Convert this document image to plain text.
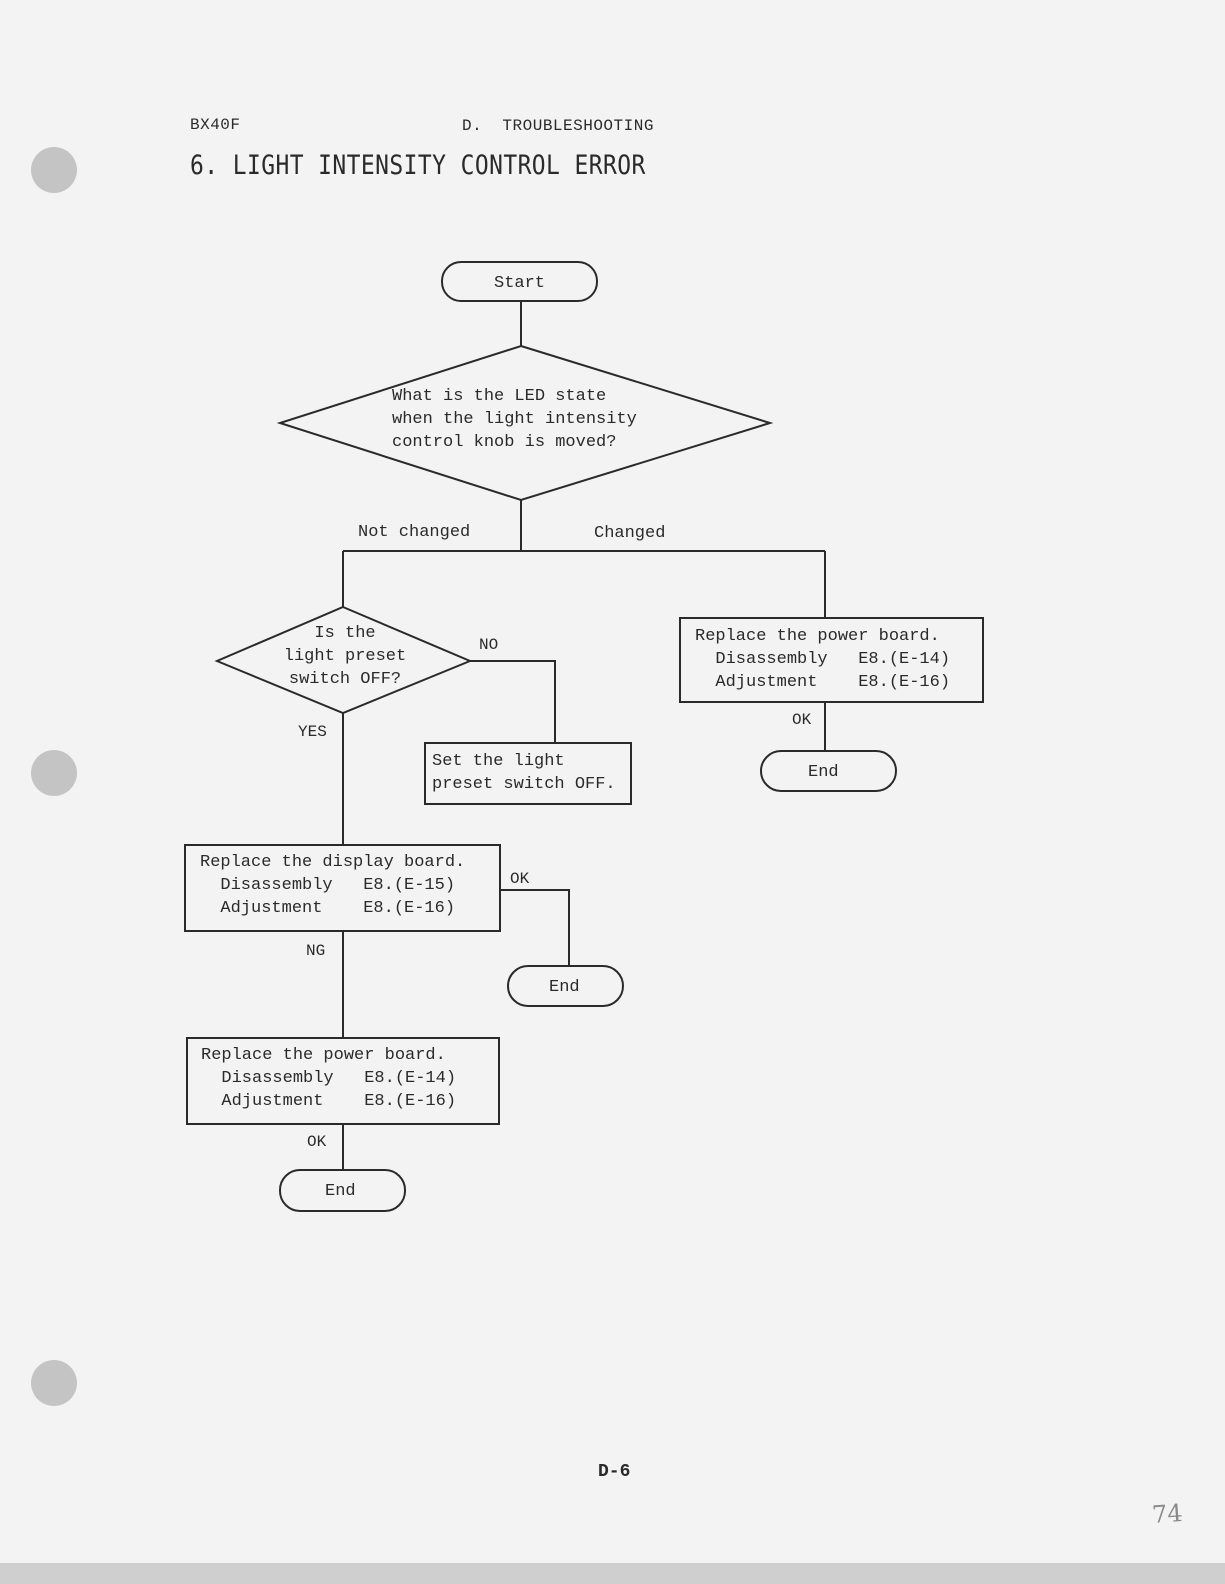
BX40F	D.  TROUBLESHOOTING
6. LIGHT INTENSITY CONTROL ERROR
Start
What is the LED state
when the light intensity
control knob is moved?
Not changed	Changed
Is the
light preset
switch OFF?
NO
YES
Set the light
preset switch OFF.
Replace the power board.
Disassembly   E8.(E-14)
Adjustment    E8.(E-16)
OK
End
Replace the display board.
Disassembly   E8.(E-15)
Adjustment    E8.(E-16)
OK
End
NG
Replace the power board.
Disassembly   E8.(E-14)
Adjustment    E8.(E-16)
OK
End
D-6
74
